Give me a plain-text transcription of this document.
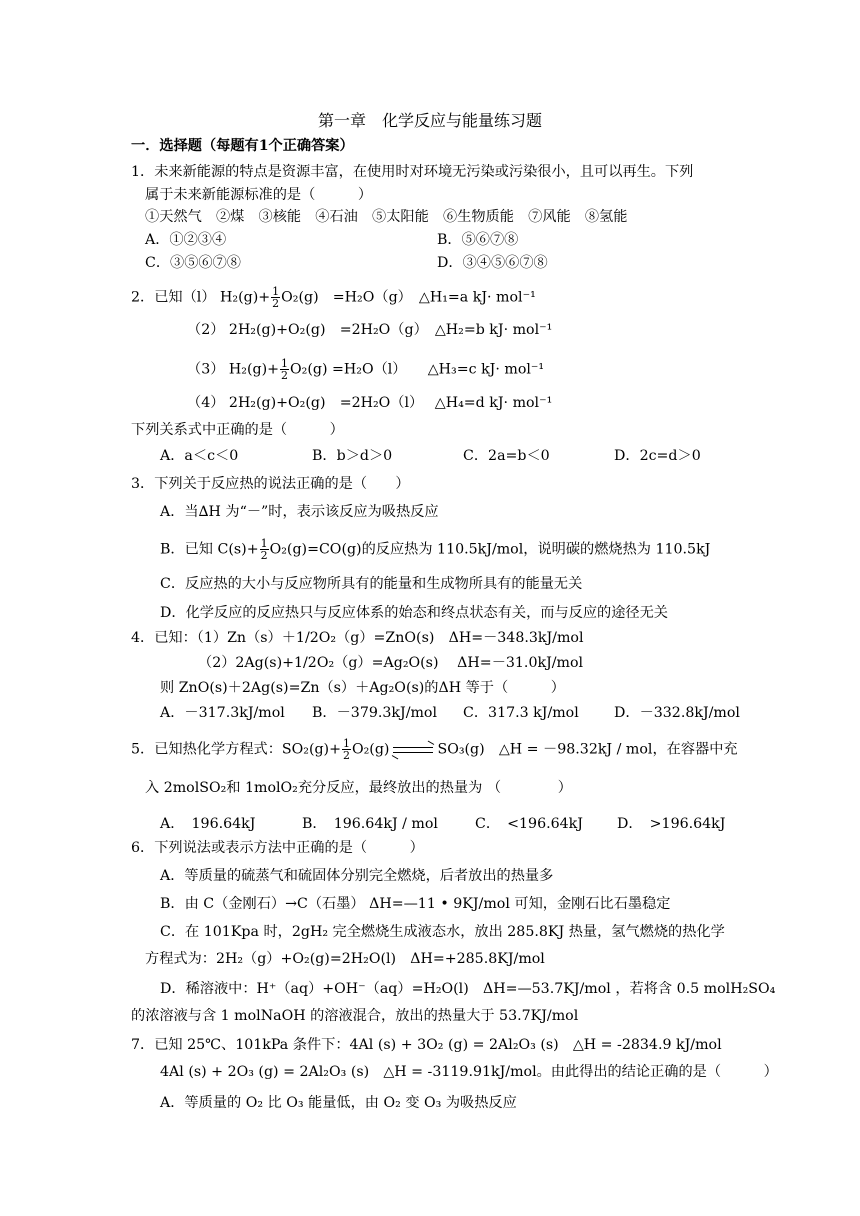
第一章　化学反应与能量练习题
一．选择题（每题有1个正确答案）
1．未来新能源的特点是资源丰富，在使用时对环境无污染或污染很小，且可以再生。下列
属于未来新能源标准的是（　　　）
①天然气　②煤　③核能　④石油　⑤太阳能　⑥生物质能　⑦风能　⑧氢能
A．①②③④	B．⑤⑥⑦⑧
C．③⑤⑥⑦⑧	D．③④⑤⑥⑦⑧
2．已知（l） $H_2(g)+ \frac{1}{2} O_2(g)$　=H₂O（g）　△H₁=a kJ· mol⁻¹
（2） 2H₂(g)+O₂(g)　=2H₂O（g）　△H₂=b kJ· mol⁻¹
（3） $H_2(g)+ \frac{1}{2} O_2(g) =H_2O(l)$　　△H₃=c kJ· mol⁻¹
（4） 2H₂(g)+O₂(g)　=2H₂O（l）　 △H₄=d kJ· mol⁻¹
下列关系式中正确的是（　　　）
A．a＜c＜0	B．b＞d＞0	C．2a=b＜0	D．2c=d＞0
3．下列关于反应热的说法正确的是（　　）
A．当∆H 为“－”时，表示该反应为吸热反应
B．已知 $C(s)+ \frac{1}{2} O_2(g)=CO(g)$的反应热为 110.5kJ/mol，说明碳的燃烧热为 110.5kJ
C．反应热的大小与反应物所具有的能量和生成物所具有的能量无关
D．化学反应的反应热只与反应体系的始态和终点状态有关，而与反应的途径无关
4．已知：（1）Zn（s）＋1/2O₂（g）=ZnO(s)　ΔH=－348.3kJ/mol
（2）2Ag(s)+1/2O₂（g）=Ag₂O(s)　 ΔH=－31.0kJ/mol
则 ZnO(s)＋2Ag(s)=Zn（s）＋Ag₂O(s)的ΔH 等于（　　　）
A．－317.3kJ/mol B．－379.3kJ/mol C．317.3 kJ/mol D．－332.8kJ/mol
5．已知热化学方程式：$SO_2(g)+ \frac{1}{2} O_2(g)$	SO₃(g)　△H = －98.32kJ / mol，在容器中充
入 2molSO₂和 1molO₂充分反应，最终放出的热量为 （　　　　）
A．　196.64kJ	B．　196.64kJ / mol	C．　<196.64kJ D．　>196.64kJ
6．下列说法或表示方法中正确的是（　　　）
A．等质量的硫蒸气和硫固体分别完全燃烧，后者放出的热量多
B．由 C（金刚石）→C（石墨） ΔH=—11 • 9KJ/mol 可知，金刚石比石墨稳定
C．在 101Kpa 时，2gH₂ 完全燃烧生成液态水，放出 285.8KJ 热量，氢气燃烧的热化学
方程式为：2H₂（g）+O₂(g)=2H₂O(l)　ΔH=+285.8KJ/mol
D．稀溶液中：H⁺（aq）+OH⁻（aq）=H₂O(l)　ΔH=—53.7KJ/mol ，若将含 0.5 molH₂SO₄
的浓溶液与含 1 molNaOH 的溶液混合，放出的热量大于 53.7KJ/mol
7．已知 25℃、101kPa 条件下：4Al (s) + 3O₂ (g) = 2Al₂O₃ (s)　△H = -2834.9 kJ/mol
4Al (s) + 2O₃ (g) = 2Al₂O₃ (s)　△H = -3119.91kJ/mol。由此得出的结论正确的是（　　　）
A．等质量的 O₂ 比 O₃ 能量低，由 O₂ 变 O₃ 为吸热反应
